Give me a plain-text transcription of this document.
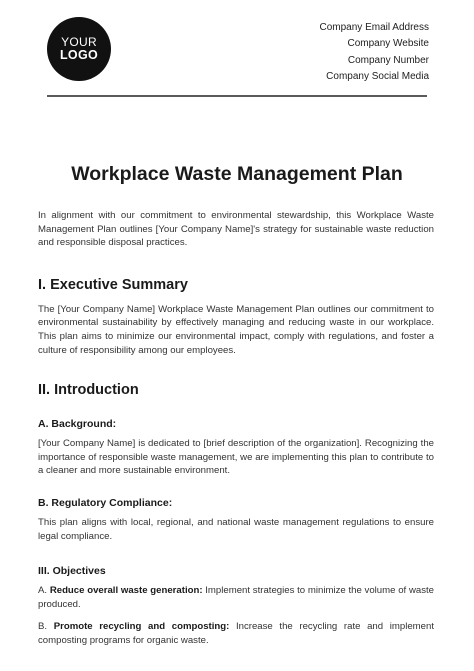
YOUR
LOGO
Company Email Address
Company Website
Company Number
Company Social Media
Workplace Waste Management Plan

In alignment with our commitment to environmental stewardship, this Workplace Waste Management Plan outlines [Your Company Name]'s strategy for sustainable waste reduction and responsible disposal practices.

I. Executive Summary

The [Your Company Name] Workplace Waste Management Plan outlines our commitment to environmental sustainability by effectively managing and reducing waste in our workplace. This plan aims to minimize our environmental impact, comply with regulations, and foster a culture of responsibility among our employees.

II. Introduction
A. Background:

[Your Company Name] is dedicated to [brief description of the organization]. Recognizing the importance of responsible waste management, we are implementing this plan to contribute to a cleaner and more sustainable environment.

B. Regulatory Compliance:

This plan aligns with local, regional, and national waste management regulations to ensure legal compliance.

III. Objectives

A. Reduce overall waste generation: Implement strategies to minimize the volume of waste produced.

B. Promote recycling and composting: Increase the recycling rate and implement composting programs for organic waste.
